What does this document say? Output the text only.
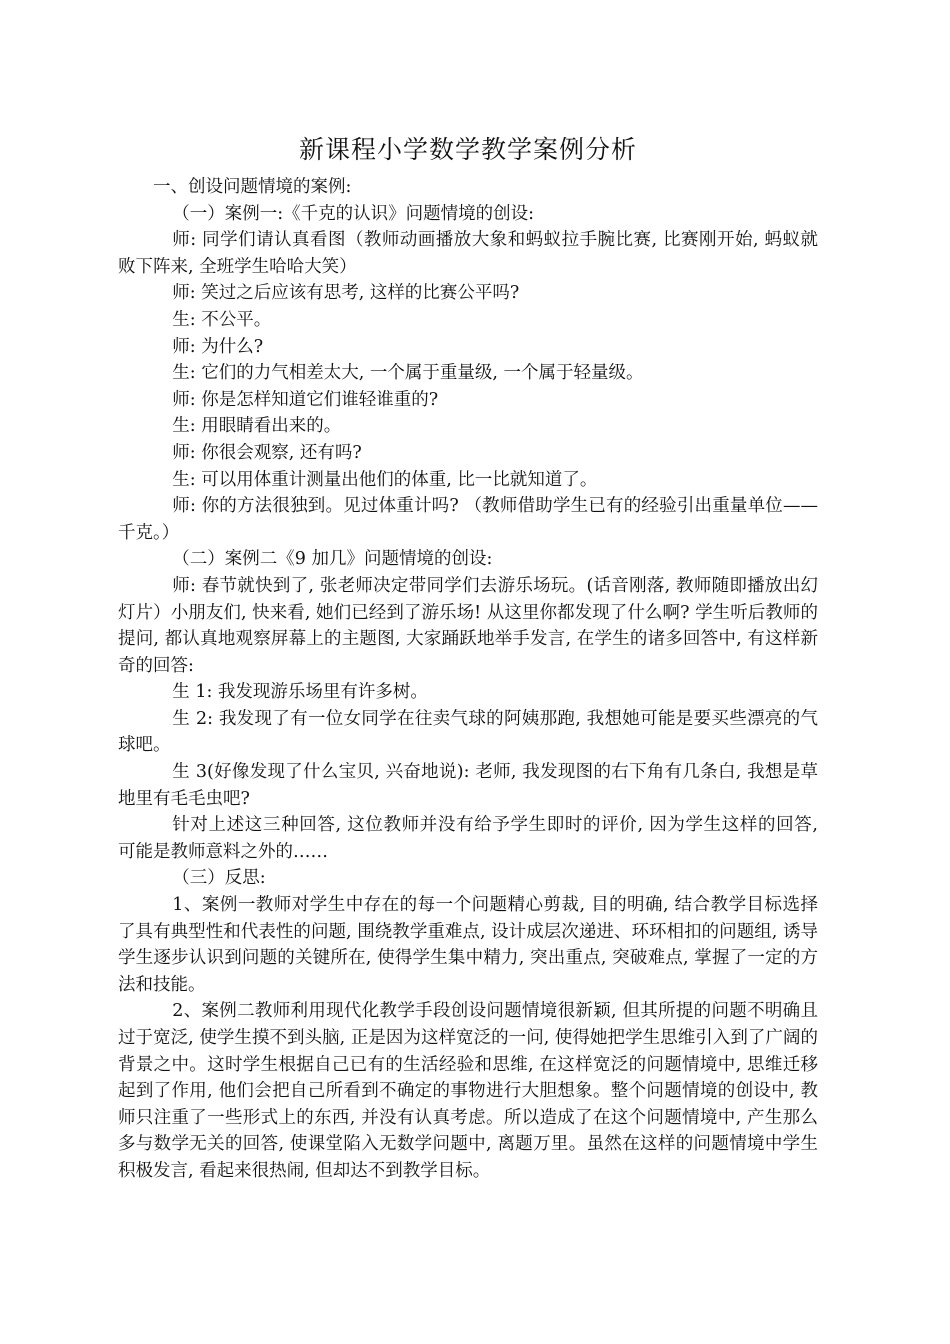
新课程小学数学教学案例分析

一、创设问题情境的案例:

（一）案例一:《千克的认识》问题情境的创设:

师: 同学们请认真看图（教师动画播放大象和蚂蚁拉手腕比赛, 比赛刚开始, 蚂蚁就败下阵来, 全班学生哈哈大笑）

师: 笑过之后应该有思考, 这样的比赛公平吗?

生: 不公平。

师: 为什么?

生: 它们的力气相差太大, 一个属于重量级, 一个属于轻量级。

师: 你是怎样知道它们谁轻谁重的?

生: 用眼睛看出来的。

师: 你很会观察, 还有吗?

生: 可以用体重计测量出他们的体重, 比一比就知道了。

师: 你的方法很独到。见过体重计吗? （教师借助学生已有的经验引出重量单位——千克。）

（二）案例二《9 加几》问题情境的创设:

师: 春节就快到了, 张老师决定带同学们去游乐场玩。(话音刚落, 教师随即播放出幻灯片）小朋友们, 快来看, 她们已经到了游乐场! 从这里你都发现了什么啊? 学生听后教师的提问, 都认真地观察屏幕上的主题图, 大家踊跃地举手发言, 在学生的诸多回答中, 有这样新奇的回答:

生 1: 我发现游乐场里有许多树。

生 2: 我发现了有一位女同学在往卖气球的阿姨那跑, 我想她可能是要买些漂亮的气球吧。

生 3(好像发现了什么宝贝, 兴奋地说): 老师, 我发现图的右下角有几条白, 我想是草地里有毛毛虫吧?

针对上述这三种回答, 这位教师并没有给予学生即时的评价, 因为学生这样的回答, 可能是教师意料之外的……

（三）反思:

1、案例一教师对学生中存在的每一个问题精心剪裁, 目的明确, 结合教学目标选择了具有典型性和代表性的问题, 围绕教学重难点, 设计成层次递进、环环相扣的问题组, 诱导学生逐步认识到问题的关键所在, 使得学生集中精力, 突出重点, 突破难点, 掌握了一定的方法和技能。

2、案例二教师利用现代化教学手段创设问题情境很新颖, 但其所提的问题不明确且过于宽泛, 使学生摸不到头脑, 正是因为这样宽泛的一问, 使得她把学生思维引入到了广阔的背景之中。这时学生根据自己已有的生活经验和思维, 在这样宽泛的问题情境中, 思维迁移起到了作用, 他们会把自己所看到不确定的事物进行大胆想象。整个问题情境的创设中, 教师只注重了一些形式上的东西, 并没有认真考虑。所以造成了在这个问题情境中, 产生那么多与数学无关的回答, 使课堂陷入无数学问题中, 离题万里。虽然在这样的问题情境中学生积极发言, 看起来很热闹, 但却达不到教学目标。
